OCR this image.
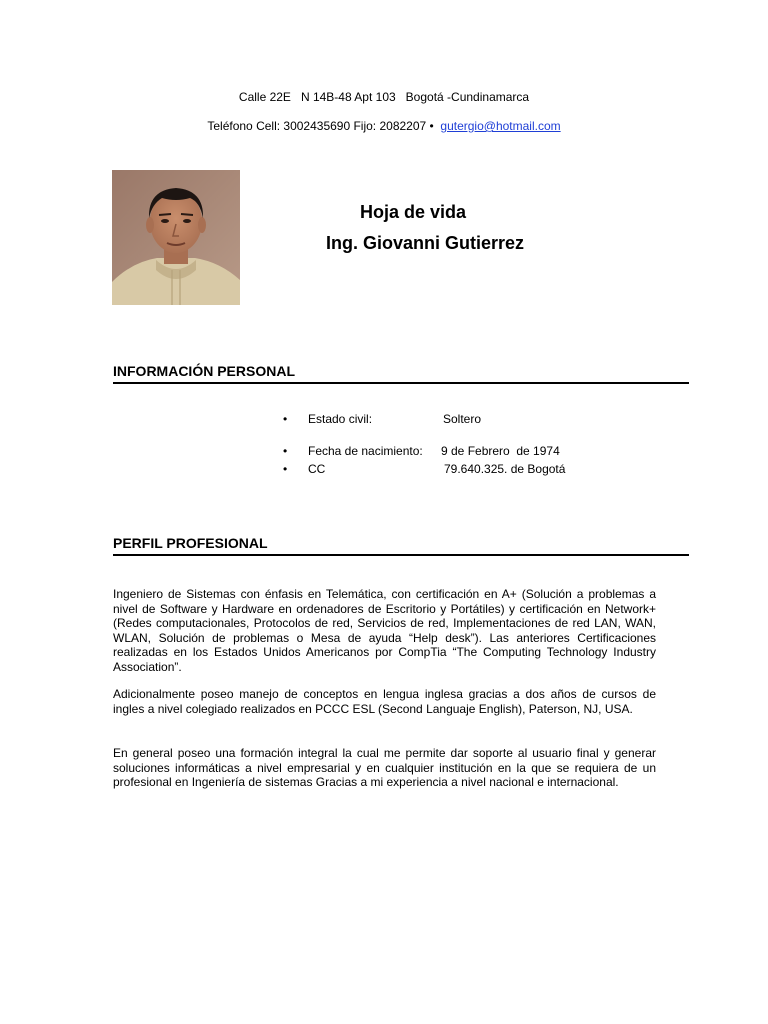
Calle 22E   N 14B-48 Apt 103   Bogotá -Cundinamarca
Teléfono Cell: 3002435690 Fijo: 2082207 •  gutergio@hotmail.com
Hoja de vida
Ing. Giovanni Gutierrez
INFORMACIÓN PERSONAL
• Estado civil:	Soltero
• Fecha de nacimiento: 9 de Febrero  de 1974
• CC	79.640.325. de Bogotá
PERFIL PROFESIONAL

Ingeniero de Sistemas con énfasis en Telemática, con certificación en A+ (Solución a problemas a nivel de Software y Hardware en ordenadores de Escritorio y Portátiles) y certificación en Network+ (Redes computacionales, Protocolos de red, Servicios de red, Implementaciones de red LAN, WAN, WLAN, Solución de problemas o Mesa de ayuda “Help desk”). Las anteriores Certificaciones realizadas en los Estados Unidos Americanos por CompTia “The Computing Technology Industry Association”.

Adicionalmente poseo manejo de conceptos en lengua inglesa gracias a dos años de cursos de ingles a nivel colegiado realizados en PCCC ESL (Second Languaje English), Paterson, NJ, USA.

En general poseo una formación integral la cual me permite dar soporte al usuario final y generar soluciones informáticas a nivel empresarial y en cualquier institución en la que se requiera de un profesional en Ingeniería de sistemas Gracias a mi experiencia a nivel nacional e internacional.
